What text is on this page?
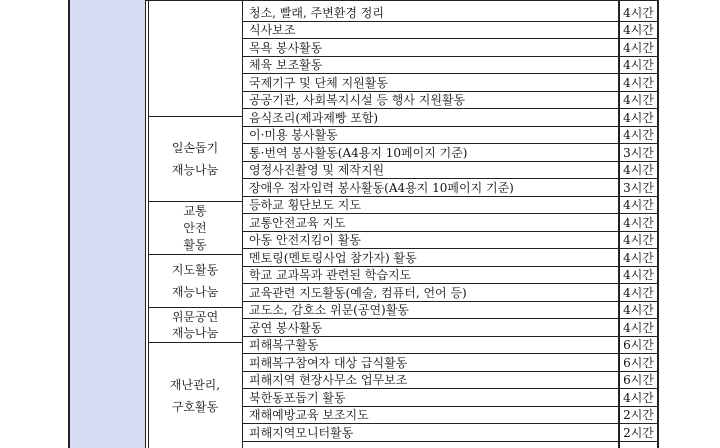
일손돕기
재능나눔
교통
안전
활동
지도활동
재능나눔
위문공연
재능나눔
재난관리,
구호활동
청소, 빨래, 주변환경 정리
식사보조
목욕 봉사활동
체육 보조활동
국제기구 및 단체 지원활동
공공기관, 사회복지시설 등 행사 지원활동
음식조리(제과제빵 포함)
이·미용 봉사활동
통·번역 봉사활동(A4용지 10페이지 기준)
영정사진촬영 및 제작지원
장애우 점자입력 봉사활동(A4용지 10페이지 기준)
등하교 횡단보도 지도
교통안전교육 지도
아동 안전지킴이 활동
멘토링(멘토링사업 참가자) 활동
학교 교과목과 관련된 학습지도
교육관련 지도활동(예술, 컴퓨터, 언어 등)
교도소, 감호소 위문(공연)활동
공연 봉사활동
피해복구활동
피해복구참여자 대상 급식활동
피해지역 현장사무소 업무보조
북한동포돕기 활동
재해예방교육 보조지도
피해지역모니터활동
4시간
4시간
4시간
4시간
4시간
4시간
4시간
4시간
3시간
4시간
3시간
4시간
4시간
4시간
4시간
4시간
4시간
4시간
4시간
6시간
6시간
6시간
4시간
2시간
2시간
